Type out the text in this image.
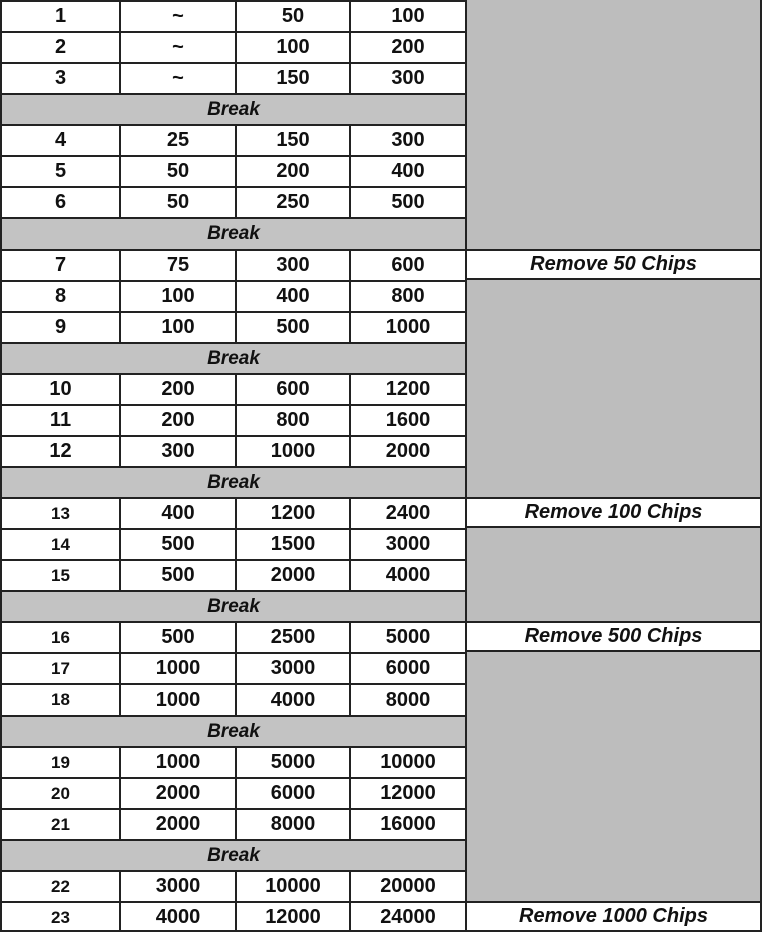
1	~	50	100
2	~	100	200
3	~	150	300
Break
4	25	150	300
5	50	200	400
6	50	250	500
Break
7	75	300	600	Remove 50 Chips
8	100	400	800
9	100	500	1000
Break
10	200	600	1200
11	200	800	1600
12	300	1000	2000
Break
13	400	1200	2400	Remove 100 Chips
14	500	1500	3000
15	500	2000	4000
Break
16	500	2500	5000	Remove 500 Chips
17	1000	3000	6000
18	1000	4000	8000
Break
19	1000	5000	10000
20	2000	6000	12000
21	2000	8000	16000
Break
22	3000	10000	20000
23	4000	12000	24000	Remove 1000 Chips
